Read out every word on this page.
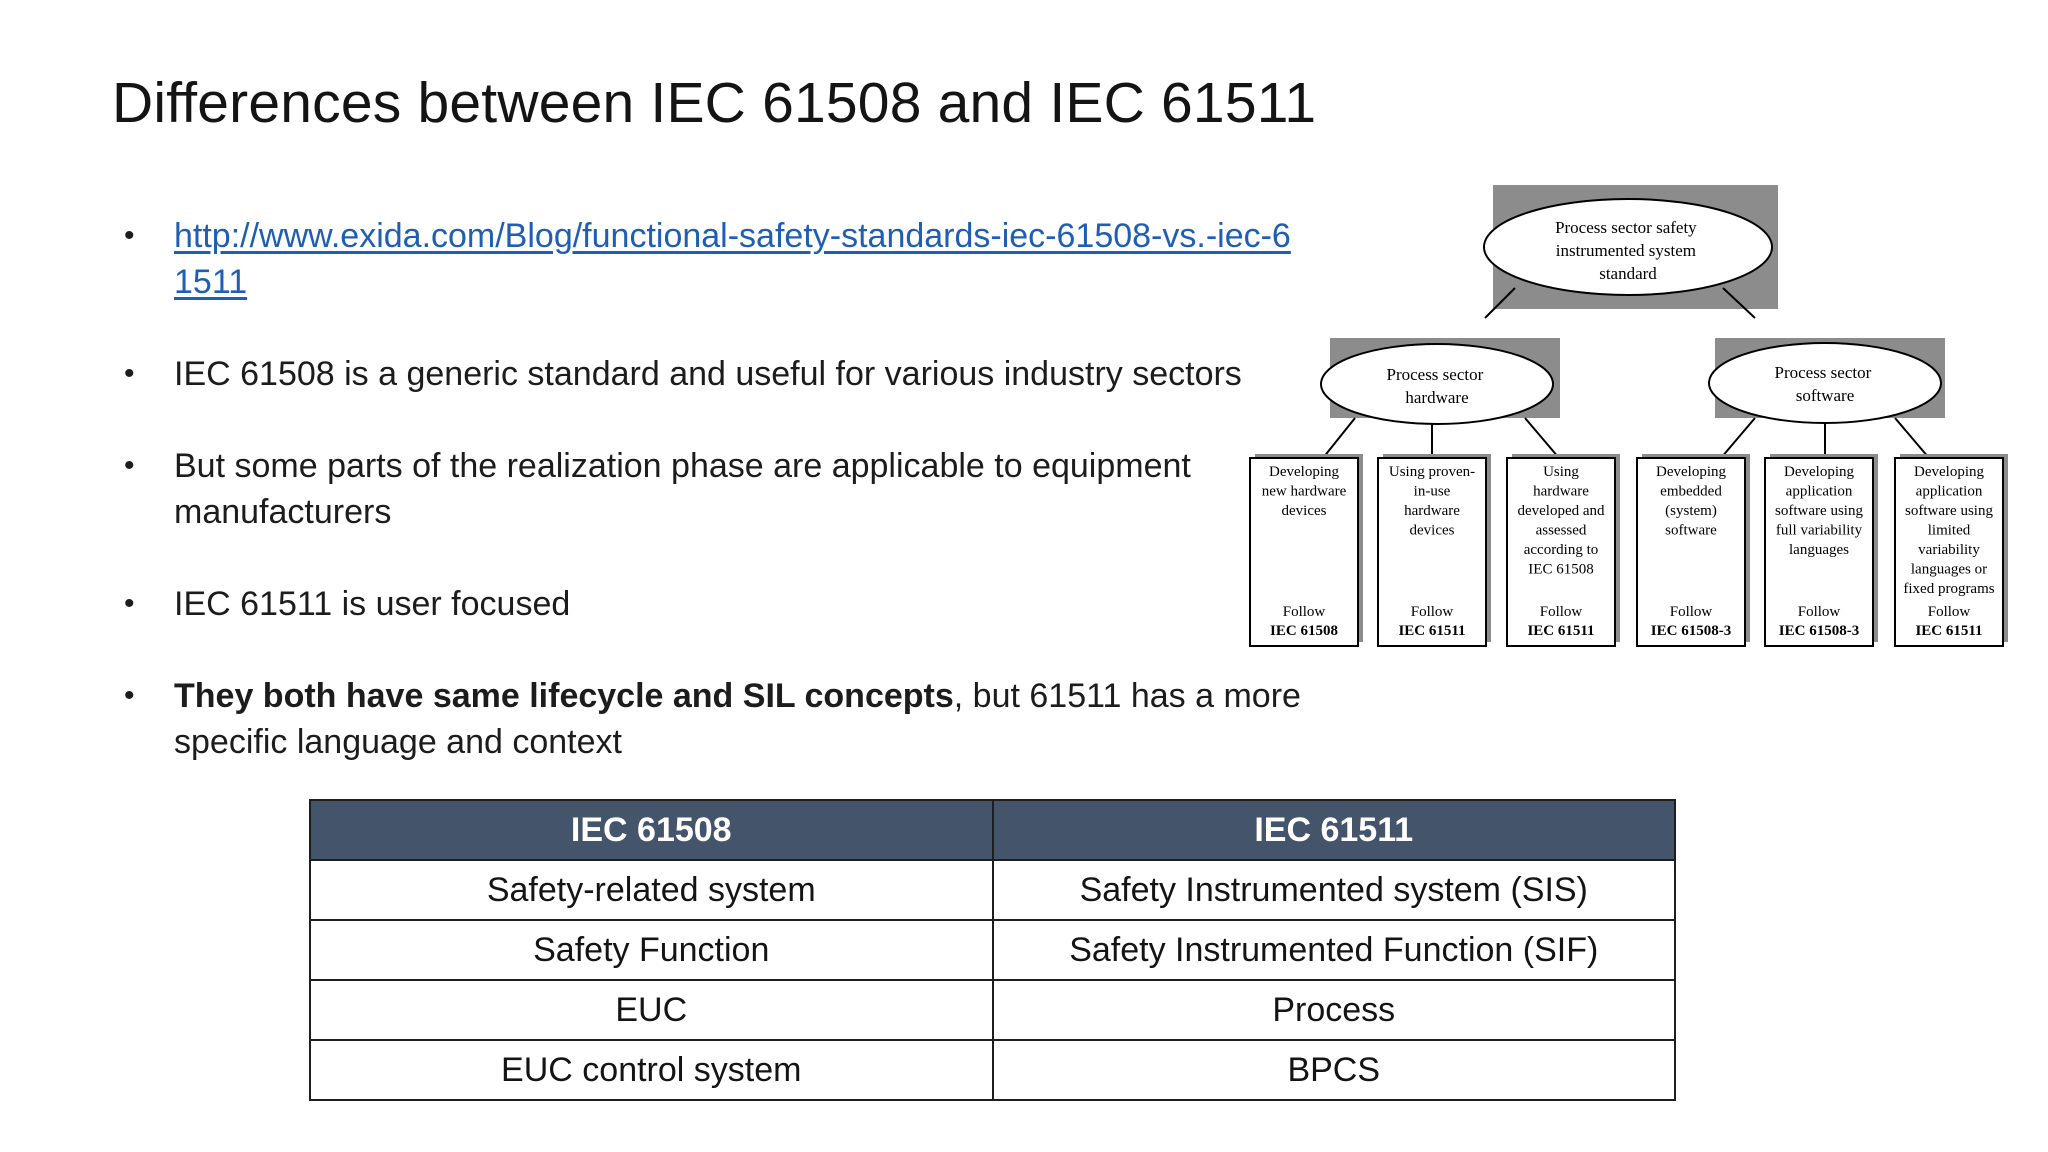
Differences between IEC 61508 and IEC 61511
• http://www.exida.com/Blog/functional-safety-standards-iec-61508-vs.-iec-61511
• IEC 61508 is a generic standard and useful for various industry sectors
• But some parts of the realization phase are applicable to equipment manufacturers
• IEC 61511 is user focused
• They both have same lifecycle and SIL concepts, but 61511 has a more specific language and context
Process sector safety instrumented system standard
Process sector hardware
Process sector software
Developing new hardware devices
Follow
IEC 61508
Using proven-in-use hardware devices
Follow
IEC 61511
Using hardware developed and assessed according to IEC 61508
Follow
IEC 61511
Developing embedded (system) software
Follow
IEC 61508-3
Developing application software using full variability languages
Follow
IEC 61508-3
Developing application software using limited variability languages or fixed programs
Follow
IEC 61511
IEC 61508	IEC 61511
Safety-related system	Safety Instrumented system (SIS)
Safety Function	Safety Instrumented Function (SIF)
EUC	Process
EUC control system	BPCS
